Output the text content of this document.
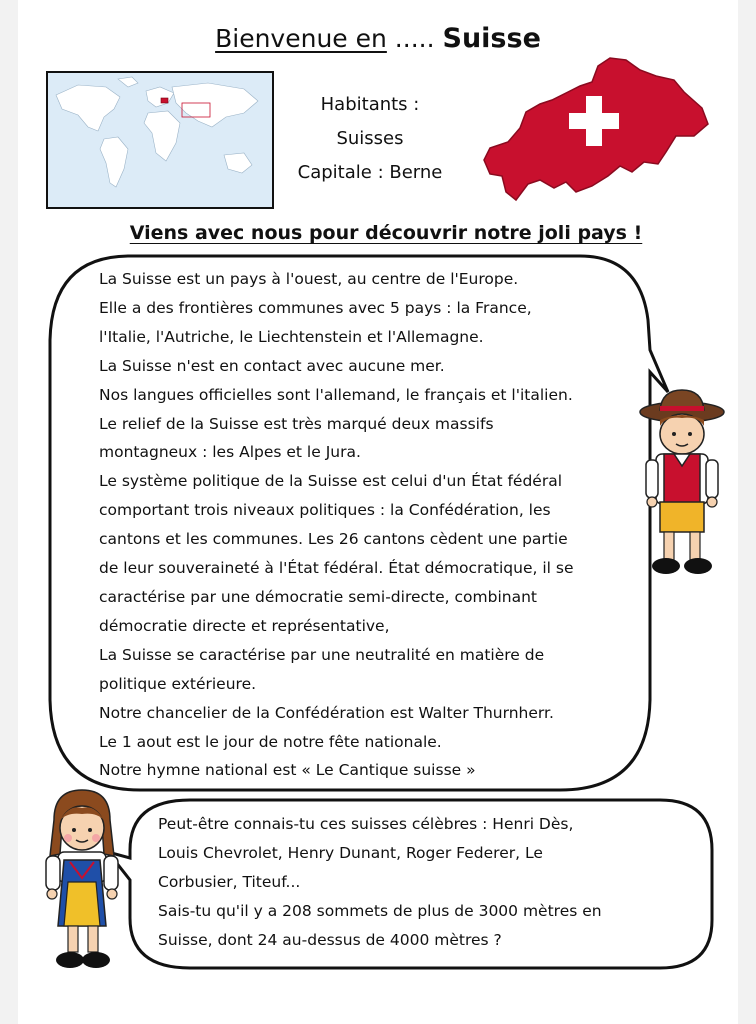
Bienvenue en ..... Suisse
Habitants :
Suisses
Capitale : Berne
Viens avec nous pour découvrir notre joli pays !
La Suisse est un pays à l'ouest, au centre de l'Europe.
Elle a des frontières communes avec 5 pays : la France,
l'Italie, l'Autriche, le Liechtenstein et l'Allemagne.
La Suisse n'est en contact avec aucune mer.
Nos langues officielles sont l'allemand, le français et l'italien.
Le relief de la Suisse est très marqué deux massifs
montagneux : les Alpes et le Jura.
Le système politique de la Suisse est celui d'un État fédéral
comportant trois niveaux politiques : la Confédération, les
cantons et les communes. Les 26 cantons cèdent une partie
de leur souveraineté à l'État fédéral. État démocratique, il se
caractérise par une démocratie semi-directe, combinant
démocratie directe et représentative,
La Suisse se caractérise par une neutralité en matière de
politique extérieure.
Notre chancelier de la Confédération est Walter Thurnherr.
Le 1 aout est le jour de notre fête nationale.
Notre hymne national est « Le Cantique suisse »
Peut-être connais-tu ces suisses célèbres : Henri Dès,
Louis Chevrolet, Henry Dunant, Roger Federer, Le
Corbusier, Titeuf...
Sais-tu qu'il y a 208 sommets de plus de 3000 mètres en
Suisse, dont 24 au-dessus de 4000 mètres ?
